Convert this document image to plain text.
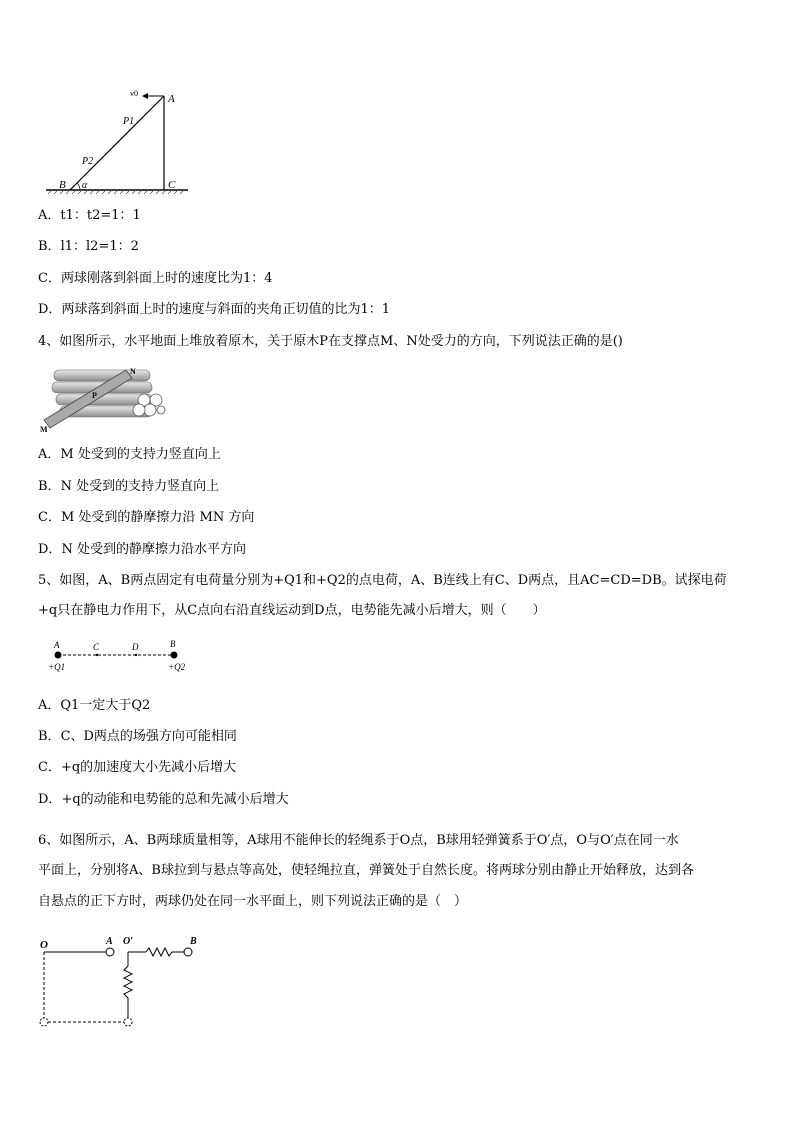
v0	A
P1
P2
B α	C
A．t1：t2=1：1
B．l1：l2=1：2
C．两球刚落到斜面上时的速度比为1：4
D．两球落到斜面上时的速度与斜面的夹角正切值的比为1：1
4、如图所示，水平地面上堆放着原木，关于原木P在支撑点M、N处受力的方向，下列说法正确的是()
N
P
M
A．M 处受到的支持力竖直向上
B．N 处受到的支持力竖直向上
C．M 处受到的静摩擦力沿 MN 方向
D．N 处受到的静摩擦力沿水平方向
5、如图，A、B两点固定有电荷量分别为+Q1和+Q2的点电荷，A、B连线上有C、D两点，且AC=CD=DB。试探电荷
+q只在静电力作用下，从C点向右沿直线运动到D点，电势能先减小后增大，则（　　）
A	C	D	B
+Q1	+Q2
A．Q1一定大于Q2
B．C、D两点的场强方向可能相同
C．+q的加速度大小先减小后增大
D．+q的动能和电势能的总和先减小后增大
6、如图所示，A、B两球质量相等，A球用不能伸长的轻绳系于O点，B球用轻弹簧系于O′点，O与O′点在同一水
平面上，分别将A、B球拉到与悬点等高处，使轻绳拉直，弹簧处于自然长度。将两球分别由静止开始释放，达到各
自悬点的正下方时，两球仍处在同一水平面上，则下列说法正确的是（　）
O	A O′	B
